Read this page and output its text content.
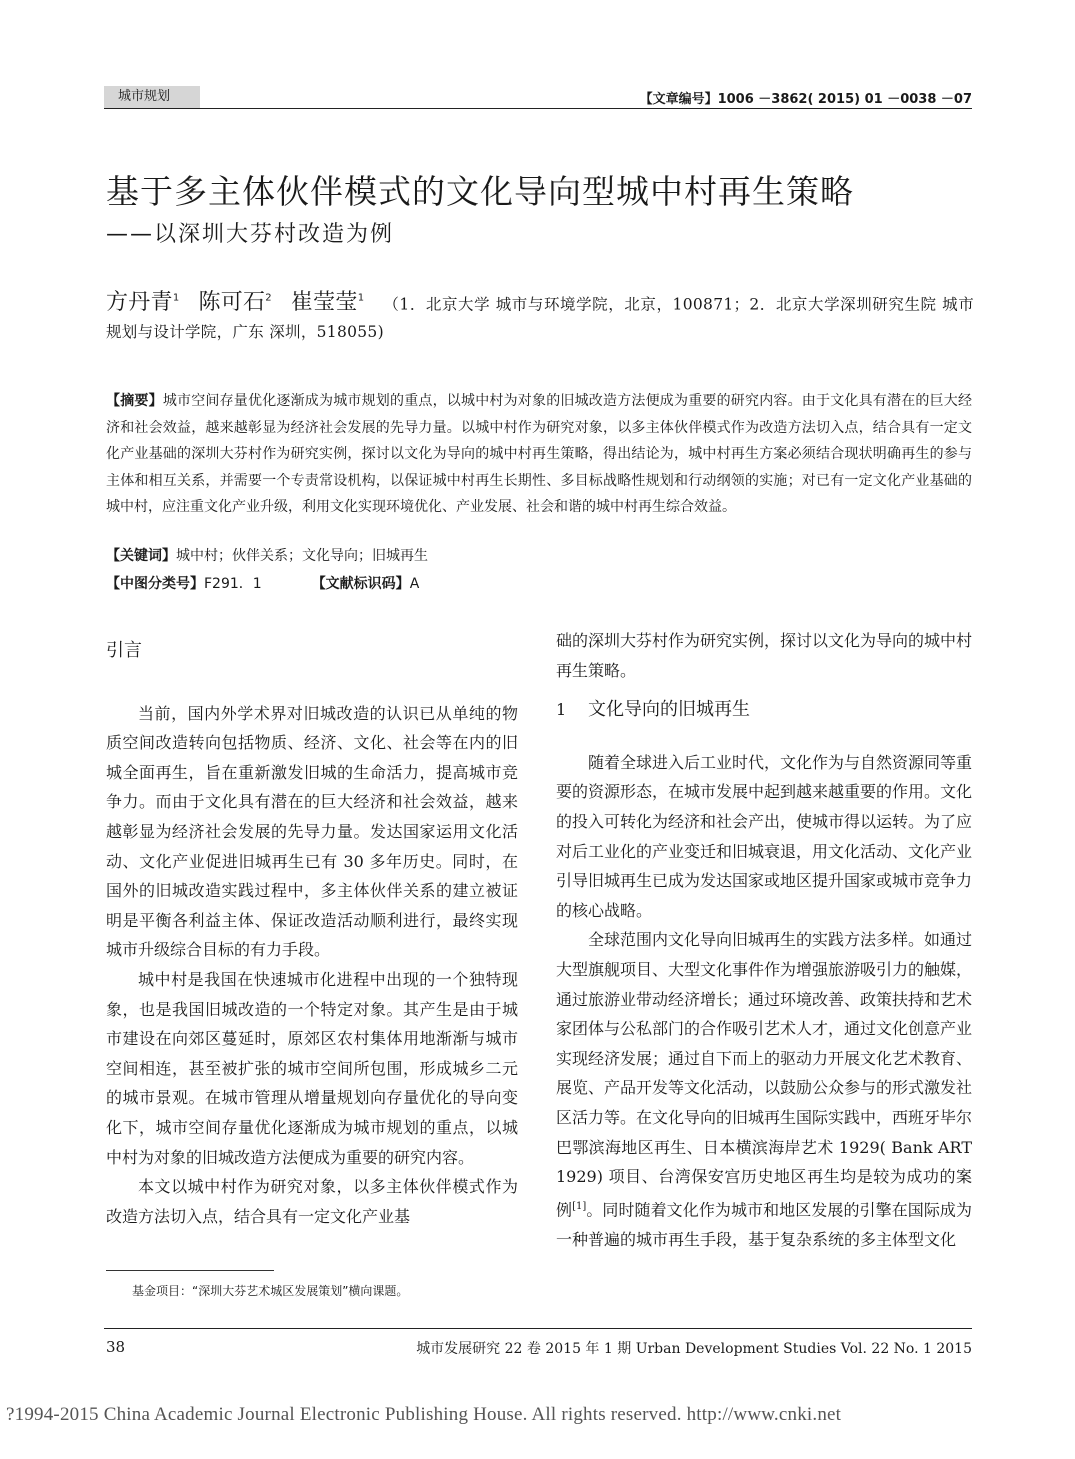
城市规划	【文章编号】1006 －3862( 2015) 01 －0038 －07
基于多主体伙伴模式的文化导向型城中村再生策略
——以深圳大芬村改造为例
方丹青$^1$ 陈可石$^2$ 崔莹莹$^1$ （1．北京大学 城市与环境学院，北京，100871；2．北京大学深圳研究生院 城市规划与设计学院，广东 深圳，518055)
【摘要】城市空间存量优化逐渐成为城市规划的重点，以城中村为对象的旧城改造方法便成为重要的研究内容。由于文化具有潜在的巨大经济和社会效益，越来越彰显为经济社会发展的先导力量。以城中村作为研究对象，以多主体伙伴模式作为改造方法切入点，结合具有一定文化产业基础的深圳大芬村作为研究实例，探讨以文化为导向的城中村再生策略，得出结论为，城中村再生方案必须结合现状明确再生的参与主体和相互关系，并需要一个专责常设机构，以保证城中村再生长期性、多目标战略性规划和行动纲领的实施；对已有一定文化产业基础的城中村，应注重文化产业升级，利用文化实现环境优化、产业发展、社会和谐的城中村再生综合效益。
【关键词】城中村；伙伴关系；文化导向；旧城再生
【中图分类号】F291．1	【文献标识码】A
引言

当前，国内外学术界对旧城改造的认识已从单纯的物质空间改造转向包括物质、经济、文化、社会等在内的旧城全面再生，旨在重新激发旧城的生命活力，提高城市竞争力。而由于文化具有潜在的巨大经济和社会效益，越来越彰显为经济社会发展的先导力量。发达国家运用文化活动、文化产业促进旧城再生已有 30 多年历史。同时，在国外的旧城改造实践过程中，多主体伙伴关系的建立被证明是平衡各利益主体、保证改造活动顺利进行，最终实现城市升级综合目标的有力手段。

城中村是我国在快速城市化进程中出现的一个独特现象，也是我国旧城改造的一个特定对象。其产生是由于城市建设在向郊区蔓延时，原郊区农村集体用地渐渐与城市空间相连，甚至被扩张的城市空间所包围，形成城乡二元的城市景观。在城市管理从增量规划向存量优化的导向变化下，城市空间存量优化逐渐成为城市规划的重点，以城中村为对象的旧城改造方法便成为重要的研究内容。

本文以城中村作为研究对象，以多主体伙伴模式作为改造方法切入点，结合具有一定文化产业基

础的深圳大芬村作为研究实例，探讨以文化为导向的城中村再生策略。

1 文化导向的旧城再生

随着全球进入后工业时代，文化作为与自然资源同等重要的资源形态，在城市发展中起到越来越重要的作用。文化的投入可转化为经济和社会产出，使城市得以运转。为了应对后工业化的产业变迁和旧城衰退，用文化活动、文化产业引导旧城再生已成为发达国家或地区提升国家或城市竞争力的核心战略。

全球范围内文化导向旧城再生的实践方法多样。如通过大型旗舰项目、大型文化事件作为增强旅游吸引力的触媒，通过旅游业带动经济增长；通过环境改善、政策扶持和艺术家团体与公私部门的合作吸引艺术人才，通过文化创意产业实现经济发展；通过自下而上的驱动力开展文化艺术教育、展览、产品开发等文化活动，以鼓励公众参与的形式激发社区活力等。在文化导向的旧城再生国际实践中，西班牙毕尔巴鄂滨海地区再生、日本横滨海岸艺术 1929( Bank ART 1929) 项目、台湾保安宫历史地区再生均是较为成功的案例[1]。同时随着文化作为城市和地区发展的引擎在国际成为一种普遍的城市再生手段，基于复杂系统的多主体型文化

基金项目：“深圳大芬艺术城区发展策划”横向课题。
38	城市发展研究 22 卷 2015 年 1 期 Urban Development Studies Vol. 22 No. 1 2015
?1994-2015 China Academic Journal Electronic Publishing House. All rights reserved. http://www.cnki.net
